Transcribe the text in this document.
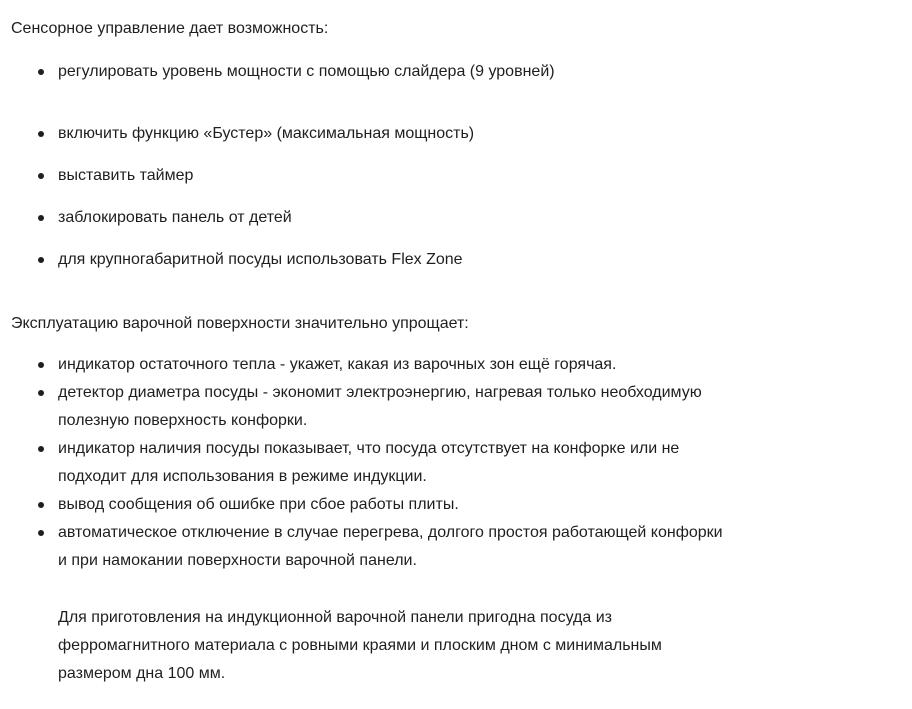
Сенсорное управление дает возможность:

регулировать уровень мощности с помощью слайдера (9 уровней)
включить функцию «Бустер» (максимальная мощность)
выставить таймер
заблокировать панель от детей
для крупногабаритной посуды использовать Flex Zone

Эксплуатацию варочной поверхности значительно упрощает:

индикатор остаточного тепла - укажет, какая из варочных зон ещё горячая.
детектор диаметра посуды - экономит электроэнергию, нагревая только необходимую
полезную поверхность конфорки.
индикатор наличия посуды показывает, что посуда отсутствует на конфорке или не
подходит для использования в режиме индукции.
вывод сообщения об ошибке при сбое работы плиты.
автоматическое отключение в случае перегрева, долгого простоя работающей конфорки
и при намокании поверхности варочной панели.
Для приготовления на индукционной варочной панели пригодна посуда из
ферромагнитного материала с ровными краями и плоским дном с минимальным
размером дна 100 мм.
